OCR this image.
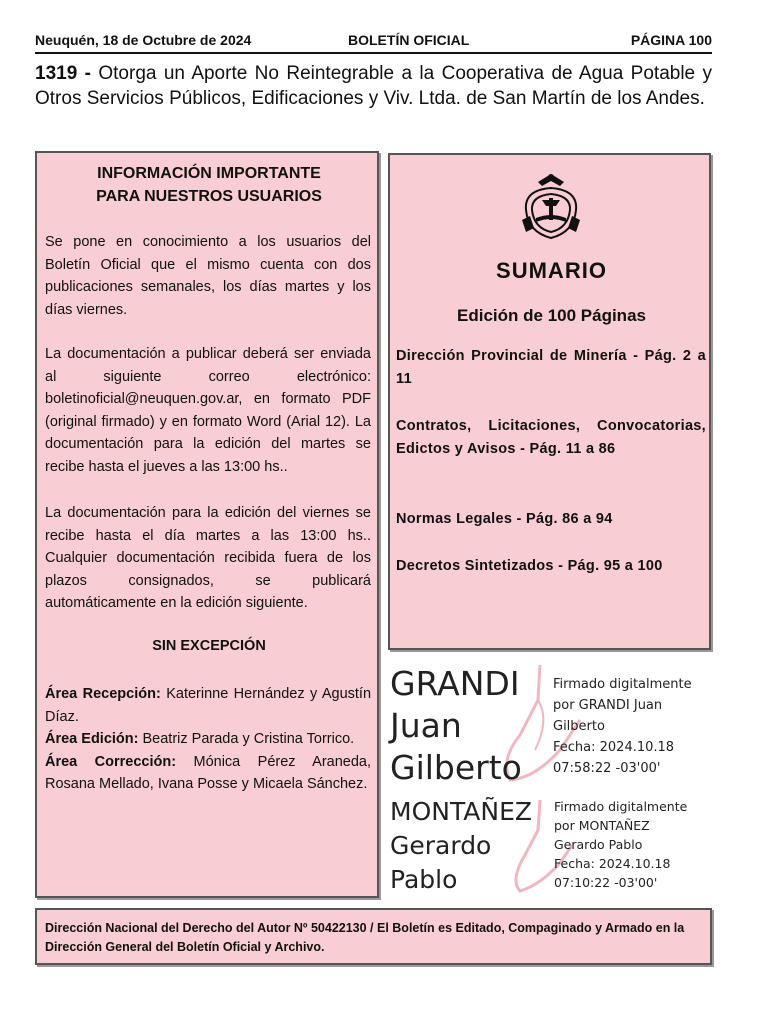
Neuquén, 18 de Octubre de 2024	BOLETÍN OFICIAL	PÁGINA 100
1319 - Otorga un Aporte No Reintegrable a la Cooperativa de Agua Potable y Otros Servicios Públicos, Edificaciones y Viv. Ltda. de San Martín de los Andes.
INFORMACIÓN IMPORTANTE
PARA NUESTROS USUARIOS
Se pone en conocimiento a los usuarios del Boletín Oficial que el mismo cuenta con dos publicaciones semanales, los días martes y los días viernes.
La documentación a publicar deberá ser enviada al siguiente correo electrónico: boletinoficial@neuquen.gov.ar, en formato PDF (original firmado) y en formato Word (Arial 12). La documentación para la edición del martes se recibe hasta el jueves a las 13:00 hs..
La documentación para la edición del viernes se recibe hasta el día martes a las 13:00 hs.. Cualquier documentación recibida fuera de los plazos consignados, se publicará automáticamente en la edición siguiente.
SIN EXCEPCIÓN
Área Recepción: Katerinne Hernández y Agustín Díaz.
Área Edición: Beatriz Parada y Cristina Torrico.
Área Corrección: Mónica Pérez Araneda, Rosana Mellado, Ivana Posse y Micaela Sánchez.
SUMARIO
Edición de 100 Páginas
Dirección Provincial de Minería - Pág. 2 a 11
Contratos, Licitaciones, Convocatorias, Edictos y Avisos - Pág. 11 a 86
Normas Legales - Pág. 86 a 94
Decretos Sintetizados - Pág. 95 a 100
GRANDI
Juan
Gilberto
Firmado digitalmente
por GRANDI Juan
Gilberto
Fecha: 2024.10.18
07:58:22 -03'00'
MONTAÑEZ
Gerardo
Pablo
Firmado digitalmente
por MONTAÑEZ
Gerardo Pablo
Fecha: 2024.10.18
07:10:22 -03'00'
Dirección Nacional del Derecho del Autor Nº 50422130 / El Boletín es Editado, Compaginado y Armado en la Dirección General del Boletín Oficial y Archivo.
